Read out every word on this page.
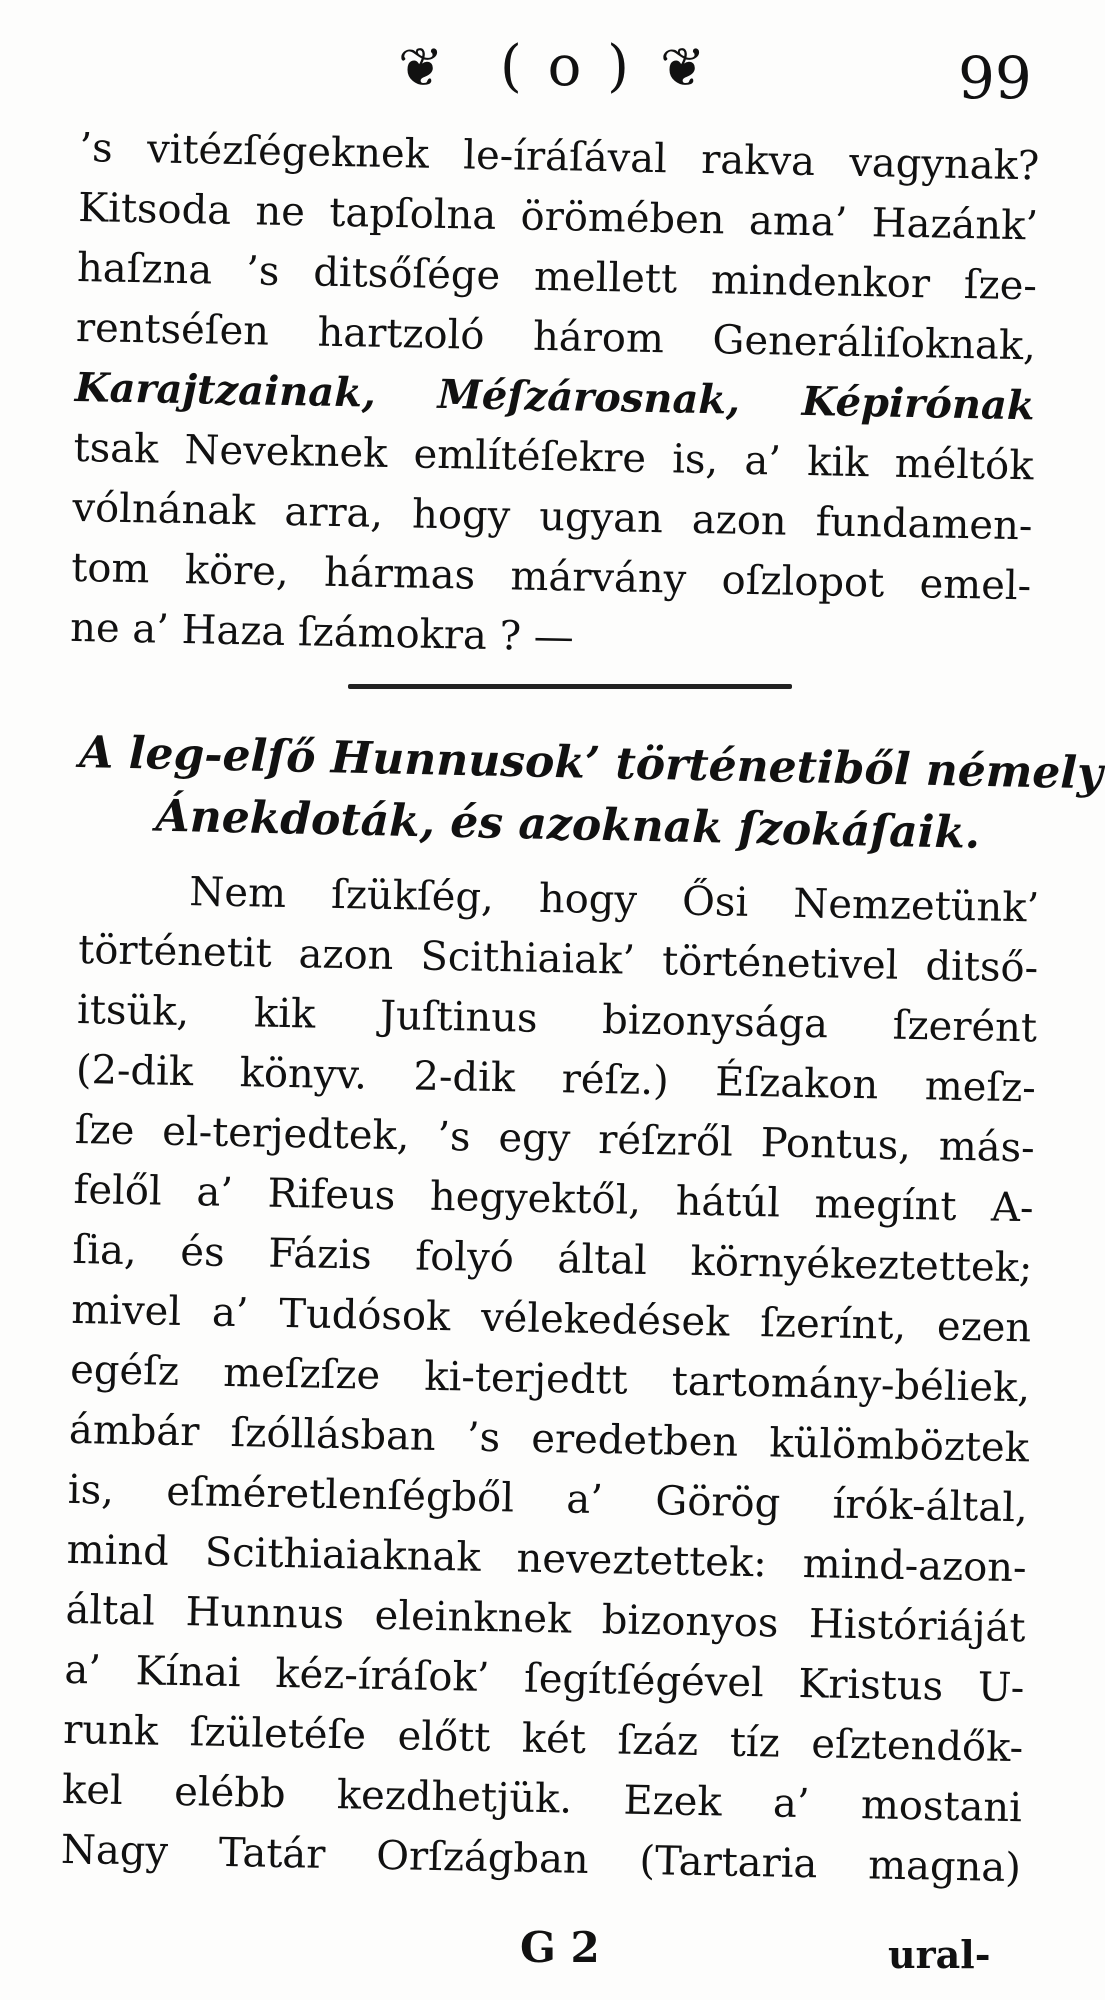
❦ ( o ) ❦	99
’s vitézſégeknek le-íráſával rakva vagynak?
Kitsoda ne tapſolna örömében ama’ Hazánk’
haſzna ’s ditsőſége mellett mindenkor ſze-
rentséſen hartzoló három Generáliſoknak,
Karajtzainak, Méſzárosnak, Képirónak
tsak Neveknek említéſekre is, a’ kik méltók
vólnának arra, hogy ugyan azon fundamen-
tom köre, hármas márvány oſzlopot emel-
ne a’ Haza ſzámokra ? —
A leg-elſő Hunnusok’ történetiből némely
Ánekdoták, és azoknak ſzokáſaik.
Nem ſzükſég, hogy Ősi Nemzetünk’
történetit azon Scithiaiak’ történetivel ditső-
itsük, kik Juſtinus bizonysága ſzerént
(2-dik könyv. 2-dik réſz.) Éſzakon meſz-
ſze el-terjedtek, ’s egy réſzről Pontus, más-
felől a’ Rifeus hegyektől, hátúl megínt A-
ſia, és Fázis folyó által környékeztettek;
mivel a’ Tudósok vélekedések ſzerínt, ezen
egéſz meſzſze ki-terjedtt tartomány-béliek,
ámbár ſzóllásban ’s eredetben külömböztek
is, eſméretlenſégből a’ Görög írók-által,
mind Scithiaiaknak neveztettek: mind-azon-
által Hunnus eleinknek bizonyos Históriáját
a’ Kínai kéz-íráſok’ ſegítſégével Kristus U-
runk ſzületéſe előtt két ſzáz tíz eſztendők-
kel elébb kezdhetjük. Ezek a’ mostani
Nagy Tatár Orſzágban (Tartaria magna)
G 2	ural-
